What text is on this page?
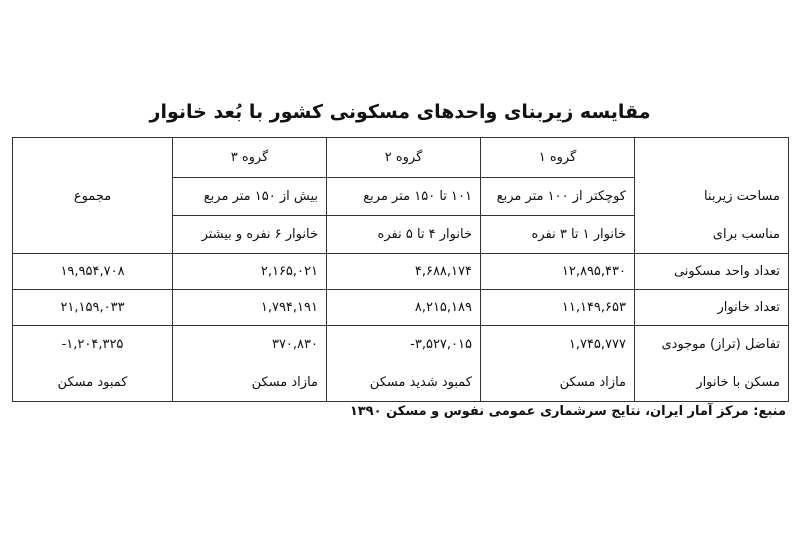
مقایسه زیربنای واحدهای مسکونی کشور با بُعد خانوار
	گروه ۱	گروه ۲	گروه ۳	
مساحت زیربنا	کوچکتر از ۱۰۰ متر مربع	۱۰۱ تا ۱۵۰ متر مربع	بیش از ۱۵۰ متر مربع	مجموع
مناسب برای	خانوار ۱ تا ۳ نفره	خانوار ۴ تا ۵ نفره	خانوار ۶ نفره و بیشتر	
تعداد واحد مسکونی	۱۲,۸۹۵,۴۳۰	۴,۶۸۸,۱۷۴	۲,۱۶۵,۰۲۱	۱۹,۹۵۴,۷۰۸
تعداد خانوار	۱۱,۱۴۹,۶۵۳	۸,۲۱۵,۱۸۹	۱,۷۹۴,۱۹۱	۲۱,۱۵۹,۰۳۳
تفاضل (تراز) موجودی	۱,۷۴۵,۷۷۷	-۳,۵۲۷,۰۱۵	۳۷۰,۸۳۰	-۱,۲۰۴,۳۲۵
مسکن با خانوار	مازاد مسکن	کمبود شدید مسکن	مازاد مسکن	کمبود مسکن
منبع: مرکز آمار ایران، نتایج سرشماری عمومی نفوس و مسکن ۱۳۹۰
